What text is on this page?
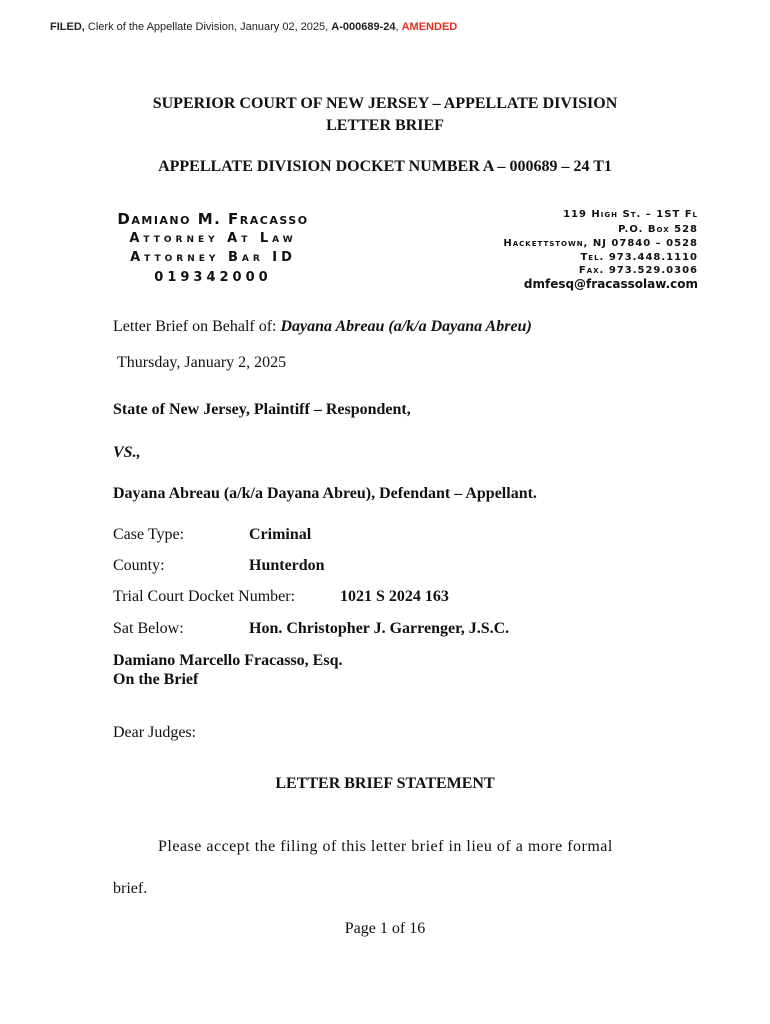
FILED, Clerk of the Appellate Division, January 02, 2025, A-000689-24, AMENDED
SUPERIOR COURT OF NEW JERSEY – APPELLATE DIVISION
LETTER BRIEF
APPELLATE DIVISION DOCKET NUMBER A – 000689 – 24 T1
Damiano M. Fracasso
Attorney At Law
Attorney Bar ID
019342000
119 High St. – 1ST Fl
P.O. Box 528
Hackettstown, NJ 07840 – 0528
Tel. 973.448.1110
Fax. 973.529.0306
dmfesq@fracassolaw.com
Letter Brief on Behalf of: Dayana Abreau (a/k/a Dayana Abreu)
Thursday, January 2, 2025
State of New Jersey, Plaintiff – Respondent,
VS.,
Dayana Abreau (a/k/a Dayana Abreu), Defendant – Appellant.
Case Type:	Criminal
County:	Hunterdon
Trial Court Docket Number:	1021 S 2024 163
Sat Below:	Hon. Christopher J. Garrenger, J.S.C.
Damiano Marcello Fracasso, Esq.
On the Brief
Dear Judges:
LETTER BRIEF STATEMENT
Please accept the filing of this letter brief in lieu of a more formal
brief.
Page 1 of 16
